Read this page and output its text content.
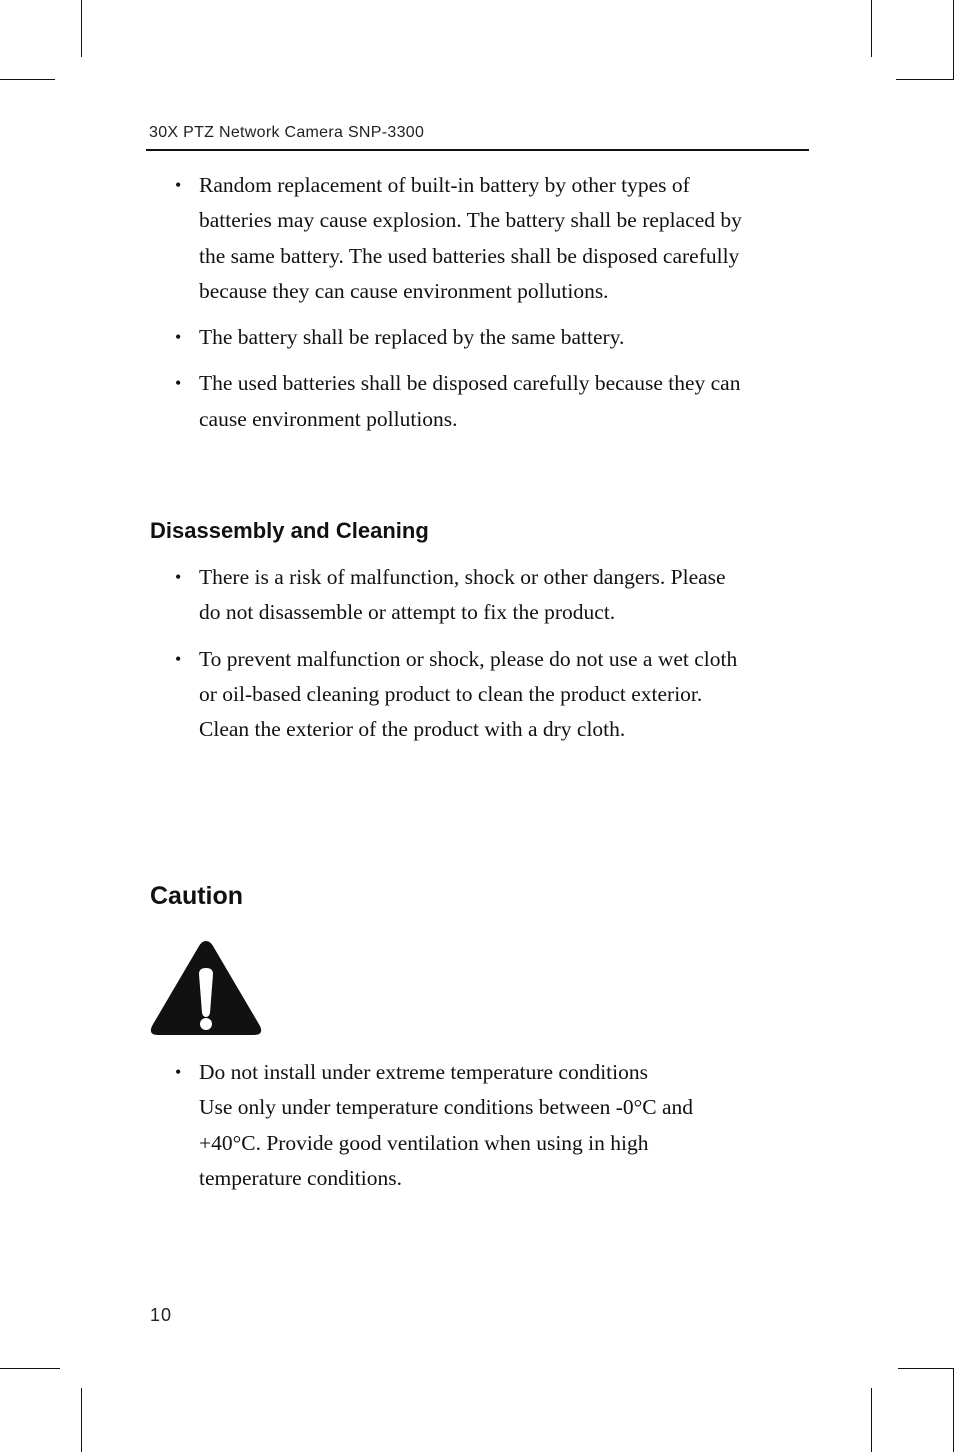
30X PTZ Network Camera SNP-3300
• Random replacement of built-in battery by other types of
batteries may cause explosion. The battery shall be replaced by
the same battery. The used batteries shall be disposed carefully
because they can cause environment pollutions.
• The battery shall be replaced by the same battery.
• The used batteries shall be disposed carefully because they can
cause environment pollutions.
Disassembly and Cleaning
• There is a risk of malfunction, shock or other dangers. Please
do not disassemble or attempt to fix the product.
• To prevent malfunction or shock, please do not use a wet cloth
or oil-based cleaning product to clean the product exterior.
Clean the exterior of the product with a dry cloth.
Caution
• Do not install under extreme temperature conditions
Use only under temperature conditions between -0°C and
+40°C. Provide good ventilation when using in high
temperature conditions.
10
